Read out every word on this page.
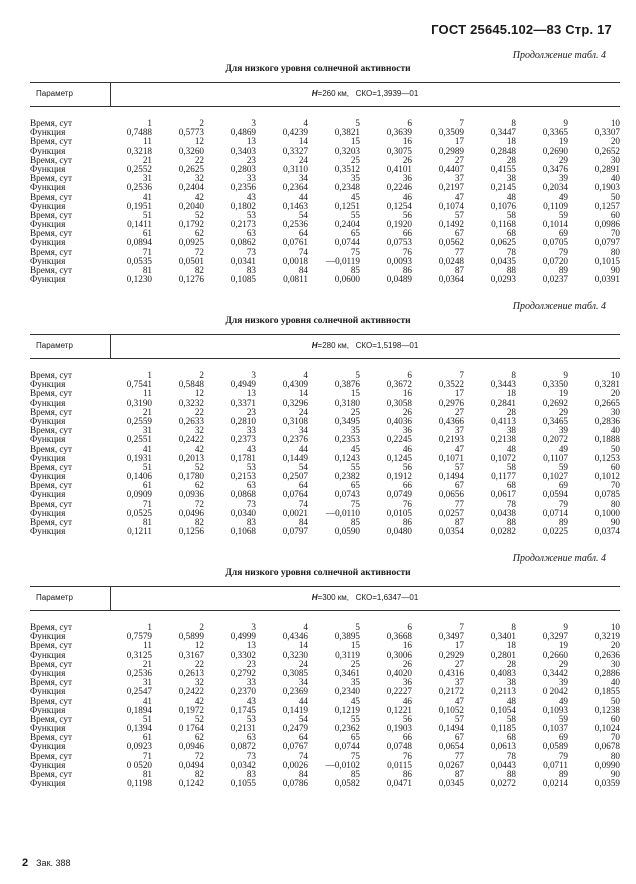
ГОСТ 25645.102—83 Стр. 17
Продолжение табл. 4
Для низкого уровня солнечной активности
Параметр	H=260 км, СКО=1,3939—01
Время, сут	1	2	3	4	5	6	7	8	9	10
Функция	0,7488	0,5773	0,4869	0,4239	0,3821	0,3639	0,3509	0,3447	0,3365	0,3307
Время, сут	11	12	13	14	15	16	17	18	19	20
Функция	0,3218	0,3260	0,3403	0,3327	0,3203	0,3075	0,2989	0,2848	0,2690	0,2652
Время, сут	21	22	23	24	25	26	27	28	29	30
Функция	0,2552	0,2625	0,2803	0,3110	0,3512	0,4101	0,4407	0,4155	0,3476	0,2891
Время, сут	31	32	33	34	35	36	37	38	39	40
Функция	0,2536	0,2404	0,2356	0,2364	0,2348	0,2246	0,2197	0,2145	0,2034	0,1903
Время, сут	41	42	43	44	45	46	47	48	49	50
Функция	0,1951	0,2040	0,1802	0,1463	0,1251	0,1254	0,1074	0,1076	0,1109	0,1257
Время, сут	51	52	53	54	55	56	57	58	59	60
Функция	0,1411	0,1792	0,2173	0,2536	0,2404	0,1920	0,1492	0,1168	0,1014	0,0986
Время, сут	61	62	63	64	65	66	67	68	69	70
Функция	0,0894	0,0925	0,0862	0,0761	0,0744	0,0753	0,0562	0,0625	0,0705	0,0797
Время, сут	71	72	73	74	75	76	77	78	79	80
Функция	0,0535	0,0501	0,0341	0,0018	—0,0119	0,0093	0,0248	0,0435	0,0720	0,1015
Время, сут	81	82	83	84	85	86	87	88	89	90
Функция	0,1230	0,1276	0,1085	0,0811	0,0600	0,0489	0,0364	0,0293	0,0237	0,0391
Продолжение табл. 4
Для низкого уровня солнечной активности
Параметр	H=280 км, СКО=1,5198—01
Время, сут	1	2	3	4	5	6	7	8	9	10
Функция	0,7541	0,5848	0,4949	0,4309	0,3876	0,3672	0,3522	0,3443	0,3350	0,3281
Время, сут	11	12	13	14	15	16	17	18	19	20
Функция	0,3190	0,3232	0,3371	0,3296	0,3180	0,3058	0,2976	0,2841	0,2692	0,2665
Время, сут	21	22	23	24	25	26	27	28	29	30
Функция	0,2559	0,2633	0,2810	0,3108	0,3495	0,4036	0,4366	0,4113	0,3465	0,2836
Время, сут	31	32	33	34	35	36	37	38	39	40
Функция	0,2551	0,2422	0,2373	0,2376	0,2353	0,2245	0,2193	0,2138	0,2072	0,1888
Время, сут	41	42	43	44	45	46	47	48	49	50
Функция	0,1931	0,2013	0,1781	0,1449	0,1243	0,1245	0,1071	0,1072	0,1107	0,1253
Время, сут	51	52	53	54	55	56	57	58	59	60
Функция	0,1406	0,1780	0,2153	0,2507	0,2382	0,1912	0,1494	0,1177	0,1027	0,1012
Время, сут	61	62	63	64	65	66	67	68	69	70
Функция	0,0909	0,0936	0,0868	0,0764	0,0743	0,0749	0,0656	0,0617	0,0594	0,0785
Время, сут	71	72	73	74	75	76	77	78	79	80
Функция	0,0525	0,0496	0,0340	0,0021	—0,0110	0,0105	0,0257	0,0438	0,0714	0,1000
Время, сут	81	82	83	84	85	86	87	88	89	90
Функция	0,1211	0,1256	0,1068	0,0797	0,0590	0,0480	0,0354	0,0282	0,0225	0,0374
Продолжение табл. 4
Для низкого уровня солнечной активности
Параметр	H=300 км, СКО=1,6347—01
Время, сут	1	2	3	4	5	6	7	8	9	10
Функция	0,7579	0,5899	0,4999	0,4346	0,3895	0,3668	0,3497	0,3401	0,3297	0,3219
Время, сут	11	12	13	14	15	16	17	18	19	20
Функция	0,3125	0,3167	0,3302	0,3230	0,3119	0,3006	0,2929	0,2801	0,2660	0,2636
Время, сут	21	22	23	24	25	26	27	28	29	30
Функция	0,2536	0,2613	0,2792	0,3085	0,3461	0,4020	0,4316	0,4083	0,3442	0,2886
Время, сут	31	32	33	34	35	36	37	38	39	40
Функция	0,2547	0,2422	0,2370	0,2369	0,2340	0,2227	0,2172	0,2113	0 2042	0,1855
Время, сут	41	42	43	44	45	46	47	48	49	50
Функция	0,1894	0,1972	0,1745	0,1419	0,1219	0,1221	0,1052	0,1054	0,1093	0,1238
Время, сут	51	52	53	54	55	56	57	58	59	60
Функция	0,1394	0 1764	0,2131	0,2479	0,2362	0,1903	0,1494	0,1185	0,1037	0,1024
Время, сут	61	62	63	64	65	66	67	68	69	70
Функция	0,0923	0,0946	0,0872	0,0767	0,0744	0,0748	0,0654	0,0613	0,0589	0,0678
Время, сут	71	72	73	74	75	76	77	78	79	80
Функция	0 0520	0,0494	0,0342	0,0026	—0,0102	0,0115	0,0267	0,0443	0,0711	0,0990
Время, сут	81	82	83	84	85	86	87	88	89	90
Функция	0,1198	0,1242	0,1055	0,0786	0,0582	0,0471	0,0345	0,0272	0,0214	0,0359
2 Зак. 388
